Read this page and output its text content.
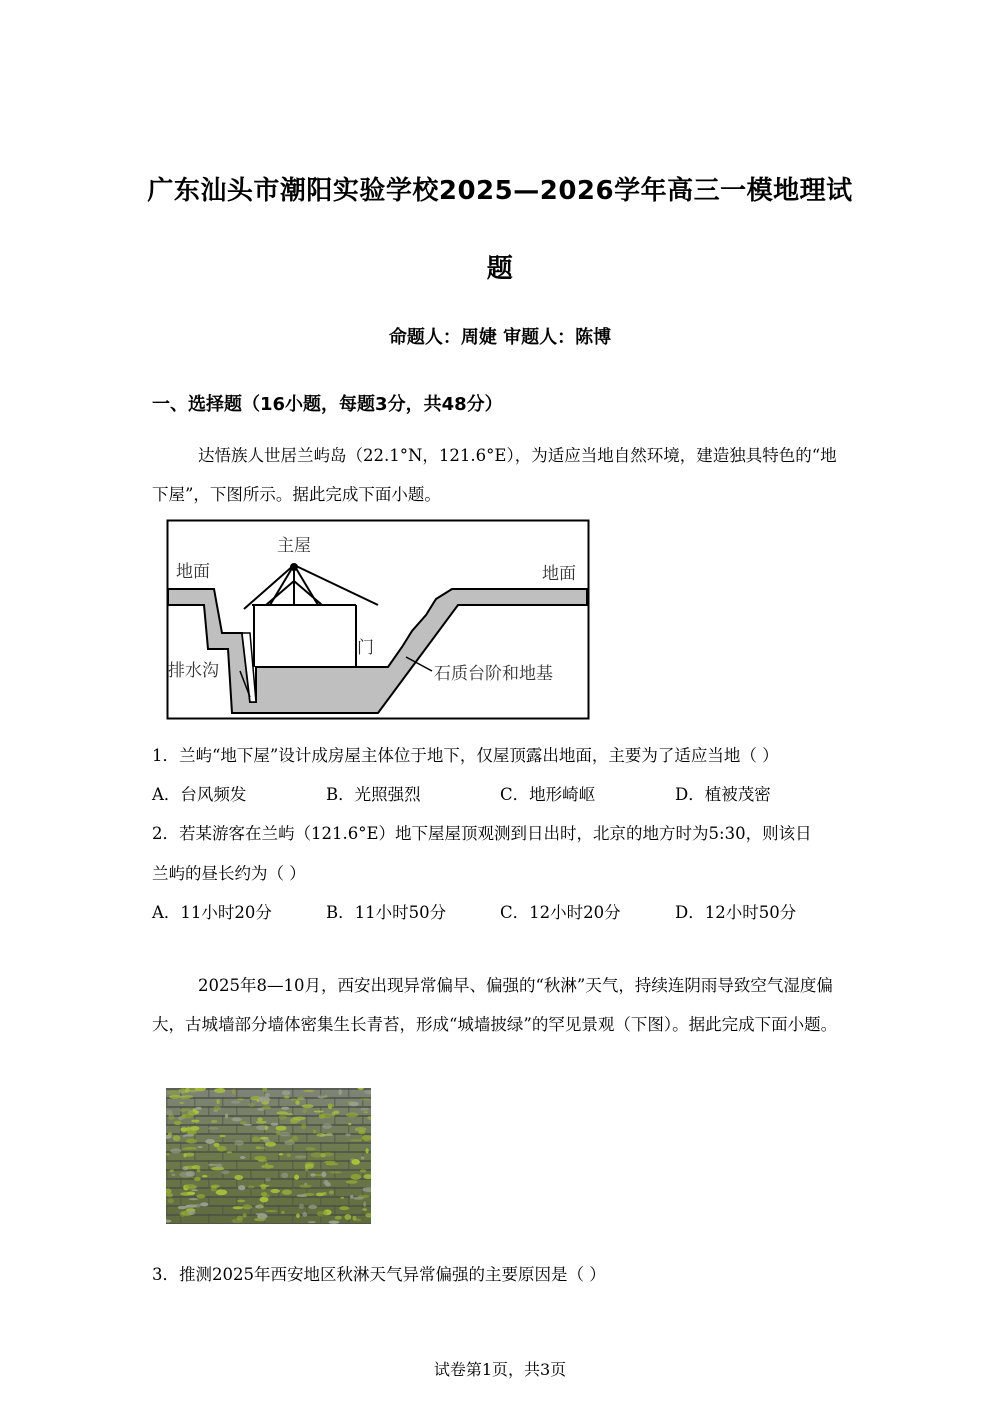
广东汕头市潮阳实验学校2025—2026学年高三一模地理试
题
命题人：周婕 审题人：陈博
一、选择题（16小题，每题3分，共48分）
达悟族人世居兰屿岛（22.1°N，121.6°E），为适应当地自然环境，建造独具特色的“地下屋”，下图所示。据此完成下面小题。
主屋
地面	地面
门
排水沟	石质台阶和地基
1．兰屿“地下屋”设计成房屋主体位于地下，仅屋顶露出地面，主要为了适应当地（ ）
A．台风频发	B．光照强烈	C．地形崎岖	D．植被茂密
2．若某游客在兰屿（121.6°E）地下屋屋顶观测到日出时，北京的地方时为5:30，则该日
兰屿的昼长约为（ ）
A．11小时20分	B．11小时50分	C．12小时20分	D．12小时50分
2025年8—10月，西安出现异常偏早、偏强的“秋淋”天气，持续连阴雨导致空气湿度偏大，古城墙部分墙体密集生长青苔，形成“城墙披绿”的罕见景观（下图）。据此完成下面小题。
3．推测2025年西安地区秋淋天气异常偏强的主要原因是（ ）
试卷第1页，共3页
